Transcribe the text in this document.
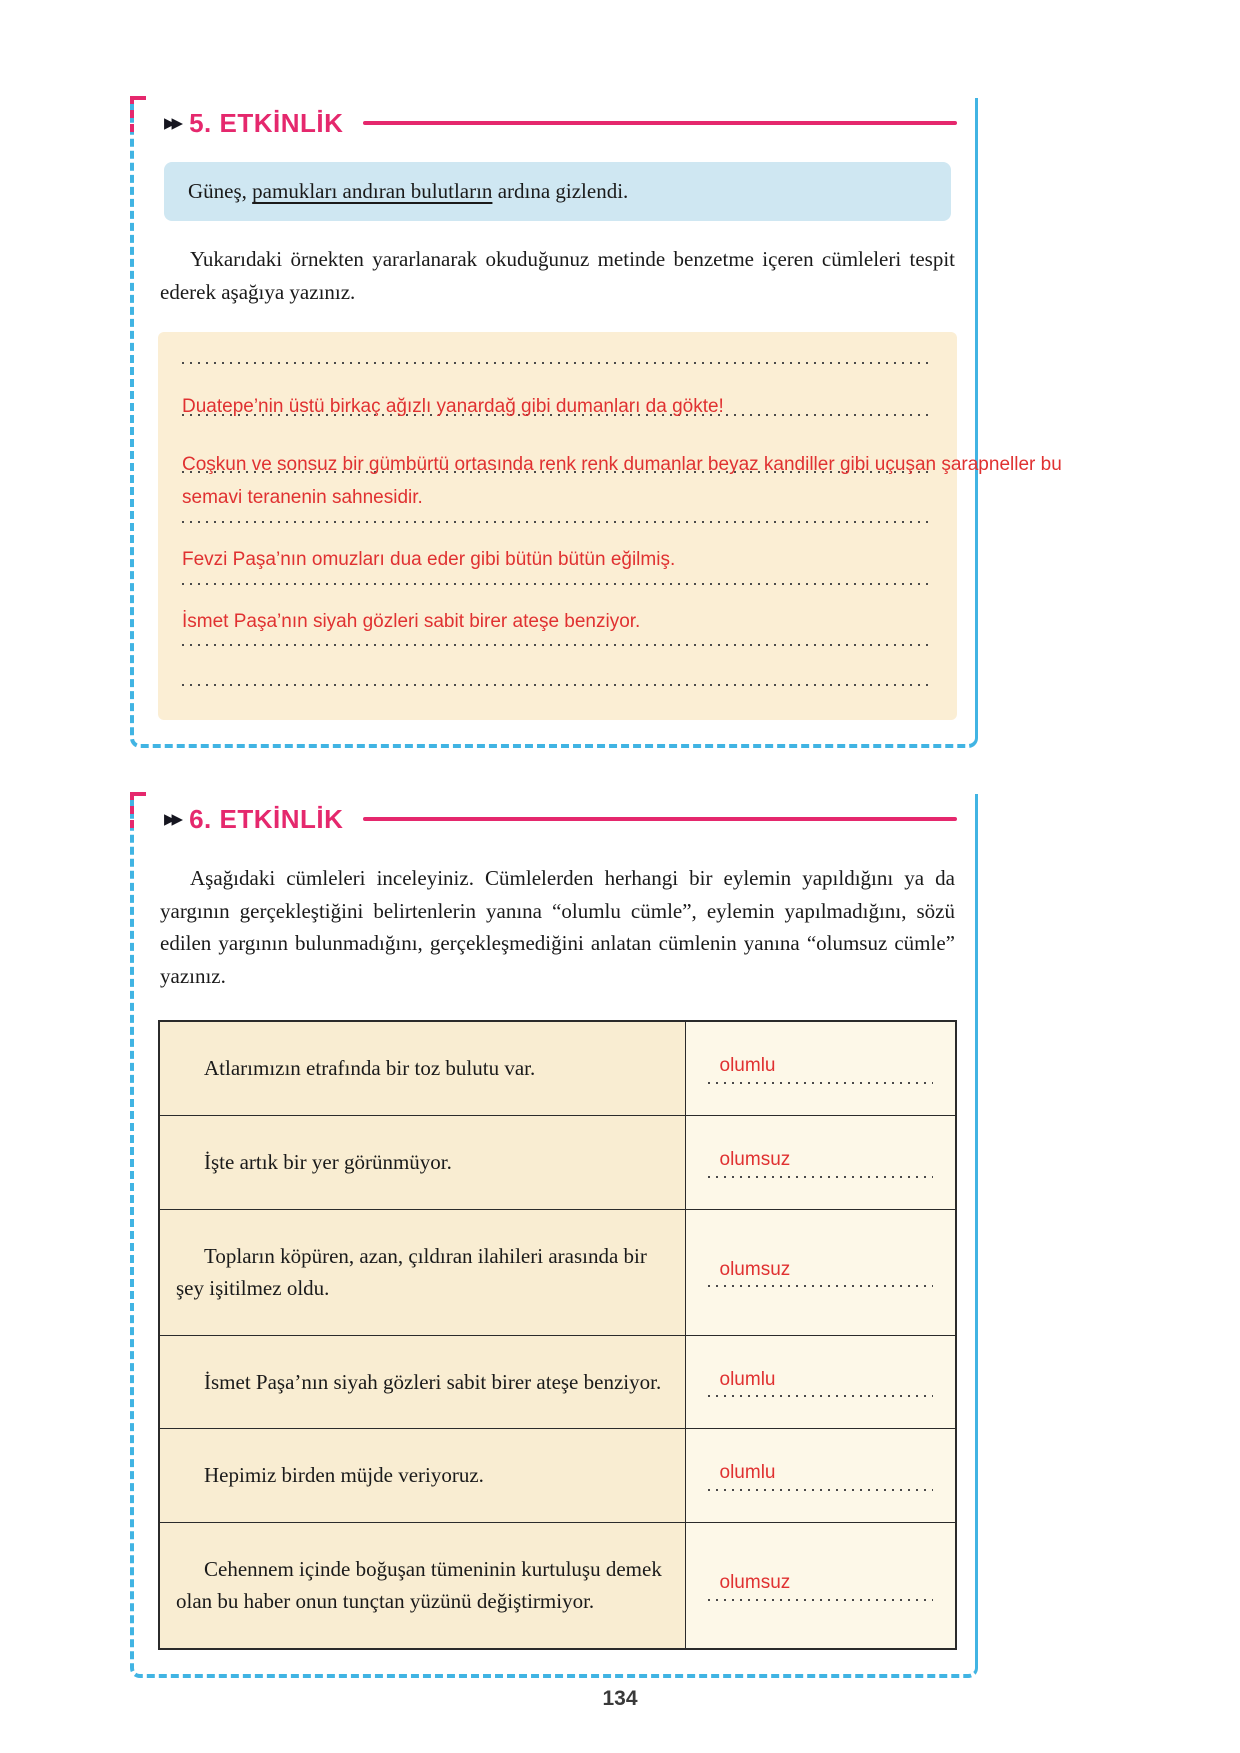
▸▸ 5. ETKİNLİK
Güneş, pamukları andıran bulutların ardına gizlendi.

Yukarıdaki örnekten yararlanarak okuduğunuz metinde benzetme içeren cümleleri tespit ederek aşağıya yazınız.

Duatepe’nin üstü birkaç ağızlı yanardağ gibi dumanları da gökte!
Coşkun ve sonsuz bir gümbürtü ortasında renk renk dumanlar beyaz kandiller gibi uçuşan şarapneller bu
semavi teranenin sahnesidir.
Fevzi Paşa’nın omuzları dua eder gibi bütün bütün eğilmiş.
İsmet Paşa’nın siyah gözleri sabit birer ateşe benziyor.
▸▸ 6. ETKİNLİK

Aşağıdaki cümleleri inceleyiniz. Cümlelerden herhangi bir eylemin yapıldığını ya da yargının gerçekleştiğini belirtenlerin yanına “olumlu cümle”, eylemin yapılmadığını, sözü edilen yargının bulunmadığını, gerçekleşmediğini anlatan cümlenin yanına “olumsuz cümle” yazınız.

Atlarımızın etrafında bir toz bulutu var.	olumlu

İşte artık bir yer görünmüyor.	olumsuz

Topların köpüren, azan, çıldıran ilahileri arasında bir şey işitilmez oldu.	olumsuz

İsmet Paşa’nın siyah gözleri sabit birer ateşe benziyor.	olumlu

Hepimiz birden müjde veriyoruz.	olumlu

Cehennem içinde boğuşan tümeninin kurtuluşu demek olan bu haber onun tunçtan yüzünü değiştirmiyor.	olumsuz
134
